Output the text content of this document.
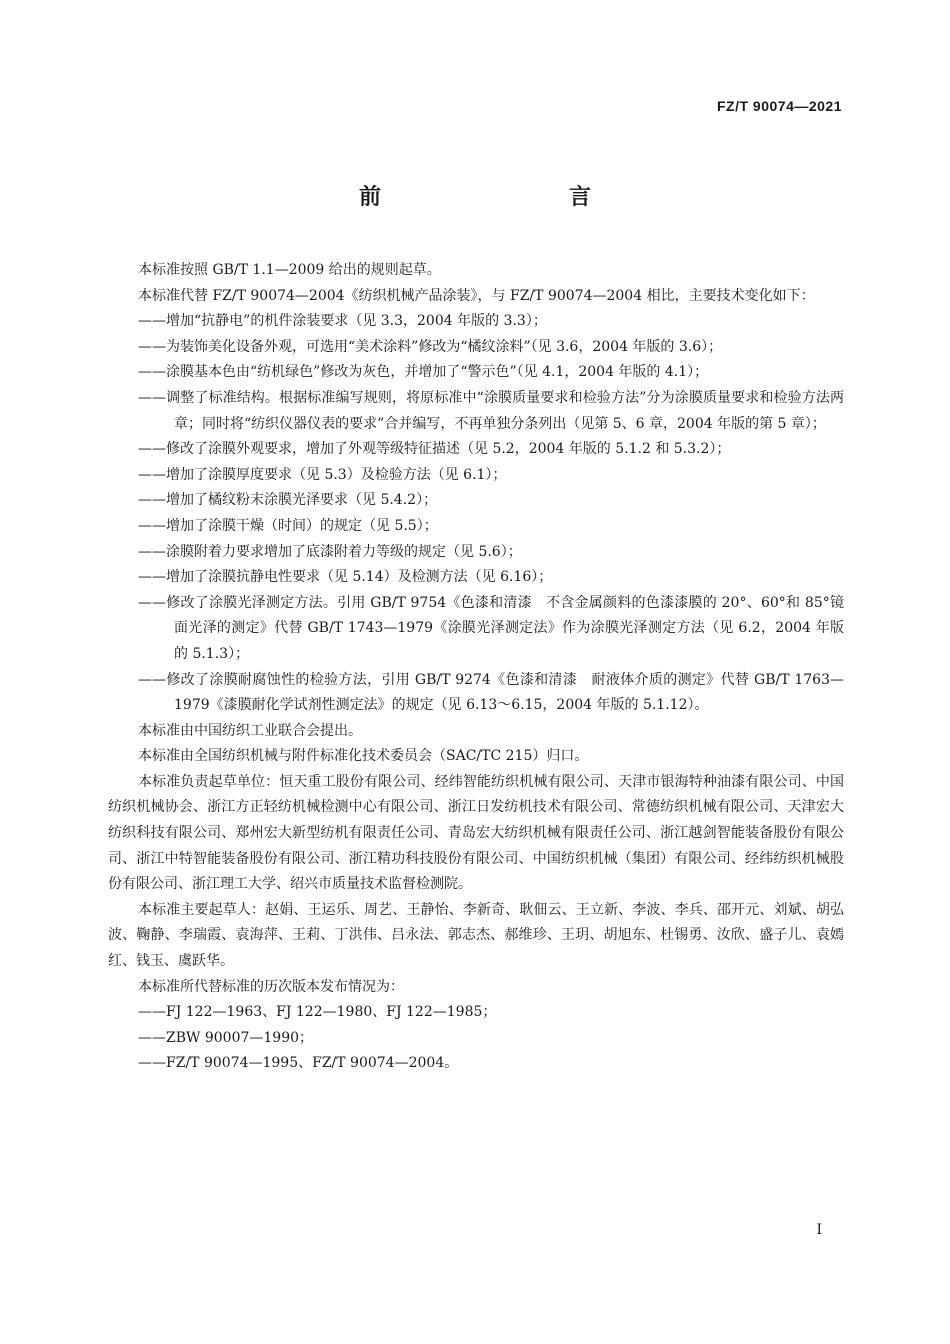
FZ/T 90074—2021
前　　言

本标准按照 GB/T 1.1—2009 给出的规则起草。

本标准代替 FZ/T 90074—2004《纺织机械产品涂装》，与 FZ/T 90074—2004 相比，主要技术变化如下：

——增加“抗静电”的机件涂装要求（见 3.3，2004 年版的 3.3）；

——为装饰美化设备外观，可选用“美术涂料”修改为“橘纹涂料”（见 3.6，2004 年版的 3.6）；

——涂膜基本色由“纺机绿色”修改为灰色，并增加了“警示色”（见 4.1，2004 年版的 4.1）；

——调整了标准结构。根据标准编写规则，将原标准中“涂膜质量要求和检验方法”分为涂膜质量要求和检验方法两章；同时将“纺织仪器仪表的要求”合并编写，不再单独分条列出（见第 5、6 章，2004 年版的第 5 章）；

——修改了涂膜外观要求，增加了外观等级特征描述（见 5.2，2004 年版的 5.1.2 和 5.3.2）；

——增加了涂膜厚度要求（见 5.3）及检验方法（见 6.1）；

——增加了橘纹粉末涂膜光泽要求（见 5.4.2）；

——增加了涂膜干燥（时间）的规定（见 5.5）；

——涂膜附着力要求增加了底漆附着力等级的规定（见 5.6）；

——增加了涂膜抗静电性要求（见 5.14）及检测方法（见 6.16）；

——修改了涂膜光泽测定方法。引用 GB/T 9754《色漆和清漆　不含金属颜料的色漆漆膜的 20°、60°和 85°镜面光泽的测定》代替 GB/T 1743—1979《涂膜光泽测定法》作为涂膜光泽测定方法（见 6.2，2004 年版的 5.1.3）；

——修改了涂膜耐腐蚀性的检验方法，引用 GB/T 9274《色漆和清漆　耐液体介质的测定》代替 GB/T 1763—1979《漆膜耐化学试剂性测定法》的规定（见 6.13～6.15，2004 年版的 5.1.12）。

本标准由中国纺织工业联合会提出。

本标准由全国纺织机械与附件标准化技术委员会（SAC/TC 215）归口。

本标准负责起草单位：恒天重工股份有限公司、经纬智能纺织机械有限公司、天津市银海特种油漆有限公司、中国纺织机械协会、浙江方正轻纺机械检测中心有限公司、浙江日发纺机技术有限公司、常德纺织机械有限公司、天津宏大纺织科技有限公司、郑州宏大新型纺机有限责任公司、青岛宏大纺织机械有限责任公司、浙江越剑智能装备股份有限公司、浙江中特智能装备股份有限公司、浙江精功科技股份有限公司、中国纺织机械（集团）有限公司、经纬纺织机械股份有限公司、浙江理工大学、绍兴市质量技术监督检测院。

本标准主要起草人：赵娟、王运乐、周艺、王静怡、李新奇、耿佃云、王立新、李波、李兵、邵开元、刘斌、胡弘波、鞠静、李瑞霞、袁海萍、王莉、丁洪伟、吕永法、郭志杰、郝维珍、王玥、胡旭东、杜锡勇、汝欣、盛子儿、袁嫣红、钱玉、虞跃华。

本标准所代替标准的历次版本发布情况为：

——FJ 122—1963、FJ 122—1980、FJ 122—1985；

——ZBW 90007—1990；

——FZ/T 90074—1995、FZ/T 90074—2004。

I
